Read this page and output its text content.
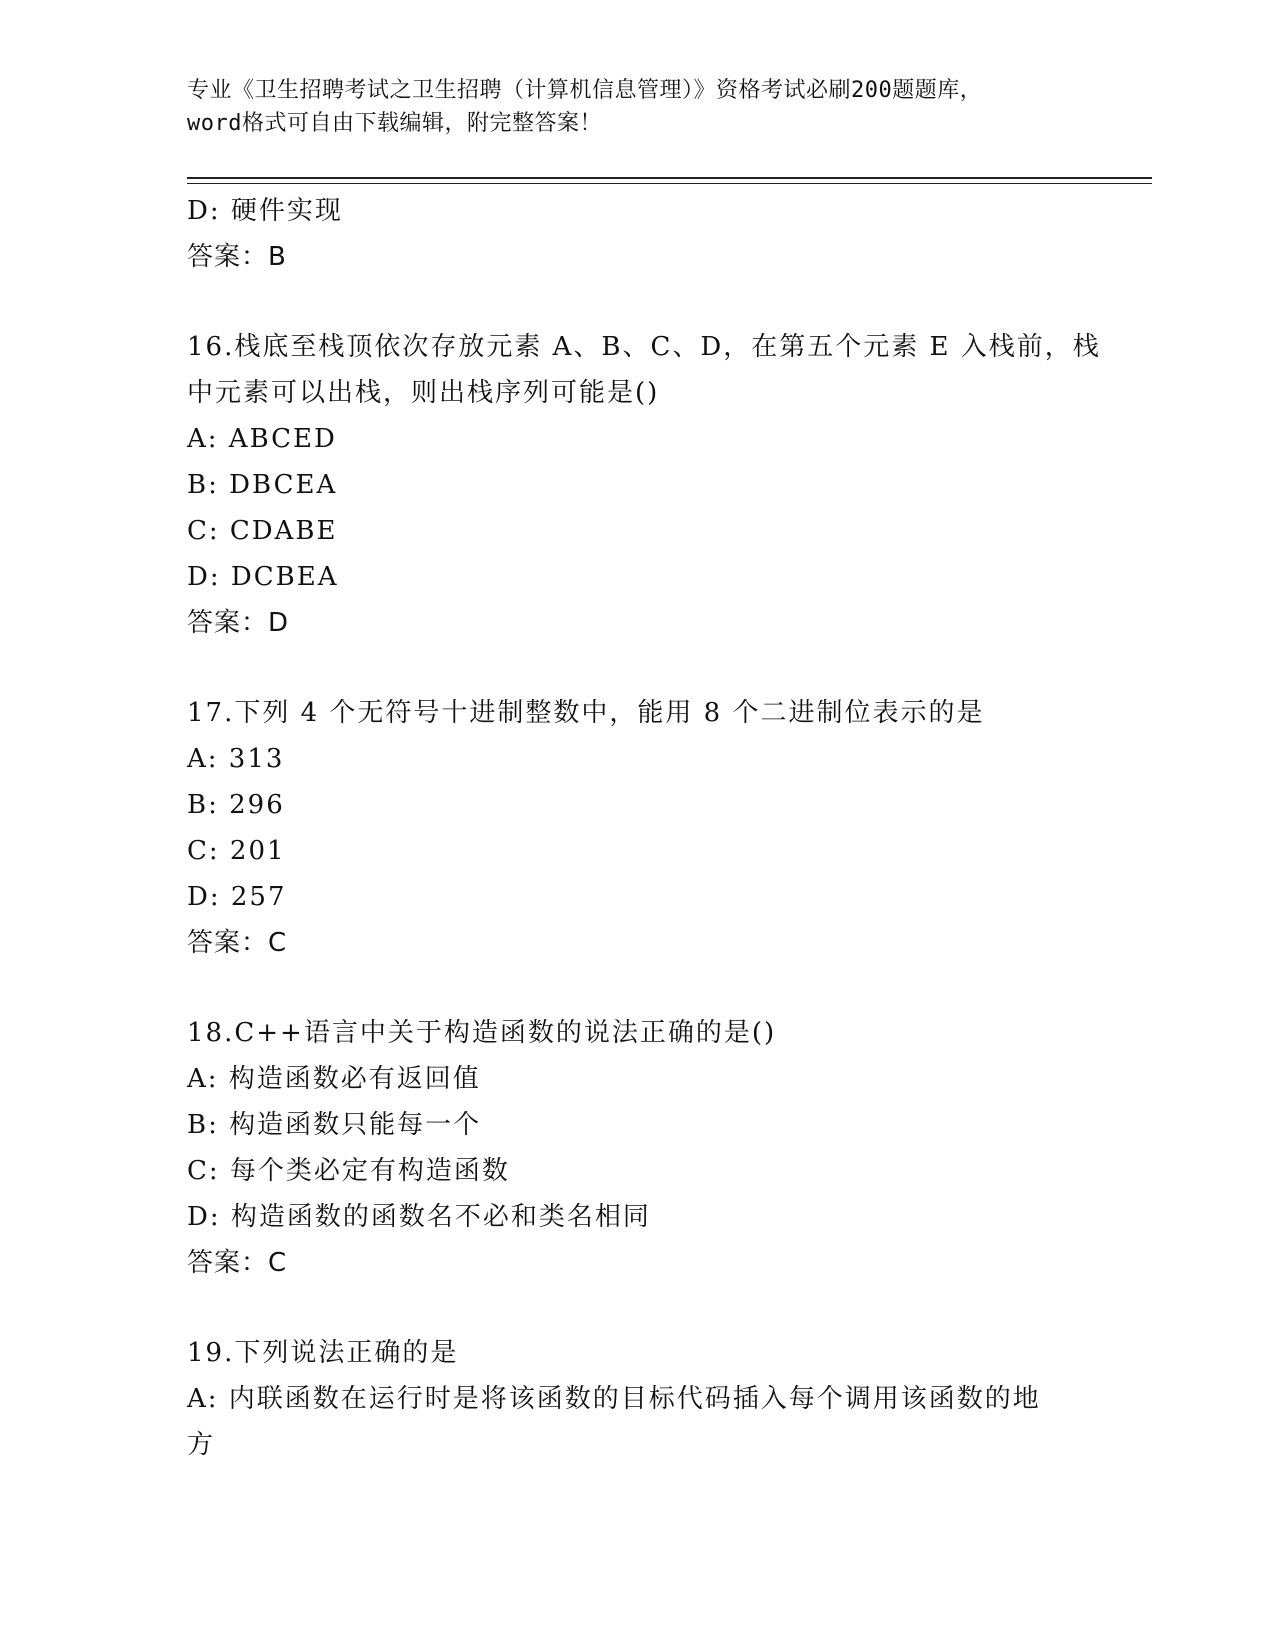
专业《卫生招聘考试之卫生招聘（计算机信息管理）》资格考试必刷200题题库，
word格式可自由下载编辑，附完整答案！
D: 硬件实现
答案：B
16.栈底至栈顶依次存放元素 A、B、C、D，在第五个元素 E 入栈前，栈
中元素可以出栈，则出栈序列可能是()
A: ABCED
B: DBCEA
C: CDABE
D: DCBEA
答案：D
17.下列 4 个无符号十进制整数中，能用 8 个二进制位表示的是
A: 313
B: 296
C: 201
D: 257
答案：C
18.C++语言中关于构造函数的说法正确的是()
A: 构造函数必有返回值
B: 构造函数只能每一个
C: 每个类必定有构造函数
D: 构造函数的函数名不必和类名相同
答案：C
19.下列说法正确的是
A: 内联函数在运行时是将该函数的目标代码插入每个调用该函数的地
方
